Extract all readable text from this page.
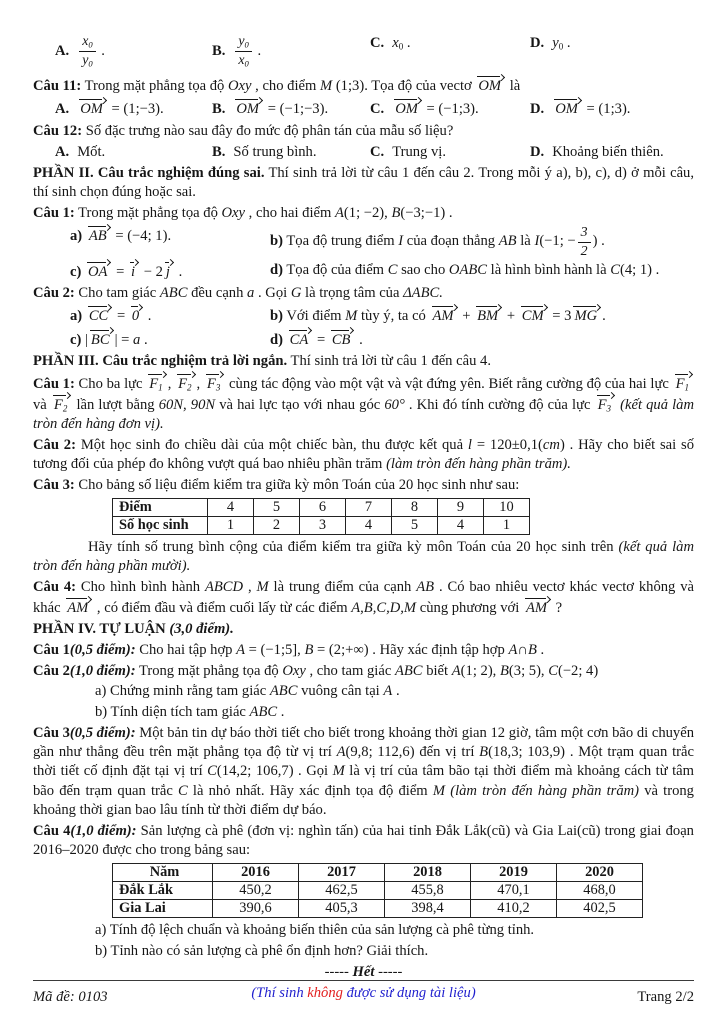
A. $\frac{x0}{y0}$ .	B. $\frac{y0}{x0}$ .	C. x0 .	D. y0 .

Câu 11: Trong mặt phẳng tọa độ Oxy , cho điểm M (1;3). Tọa độ của vectơ OM là

A. OM = (1;−3).	B. OM = (−1;−3).	C. OM = (−1;3).	D. OM = (1;3).

Câu 12: Số đặc trưng nào sau đây đo mức độ phân tán của mẫu số liệu?

A. Mốt.	B. Số trung bình.	C. Trung vị.	D. Khoảng biến thiên.

PHẦN II. Câu trắc nghiệm đúng sai. Thí sinh trả lời từ câu 1 đến câu 2. Trong mỗi ý a), b), c), d) ở mỗi câu, thí sinh chọn đúng hoặc sai.

Câu 1: Trong mặt phẳng tọa độ Oxy , cho hai điểm A(1; −2), B(−3;−1) .

a) AB = (−4; 1).	b) Tọa độ trung điểm I của đoạn thẳng AB là I(−1; − $\frac{3}{2}$ ) .
c) OA = i − 2 j .	d) Tọa độ của điểm C sao cho OABC là hình bình hành là C(4; 1) .

Câu 2: Cho tam giác ABC đều cạnh a . Gọi G là trọng tâm của ΔABC.

a) CC = 0 .	b) Với điểm M tùy ý, ta có AM + BM + CM = 3 MG .
c) | BC | = a .	d) CA = CB .

PHẦN III. Câu trắc nghiệm trả lời ngắn. Thí sinh trả lời từ câu 1 đến câu 4.

Câu 1: Cho ba lực F1 , F2 , F3 cùng tác động vào một vật và vật đứng yên. Biết rằng cường độ của hai lực F1 và F2 lần lượt bằng 60N, 90N và hai lực tạo với nhau góc 60° . Khi đó tính cường độ của lực F3 (kết quả làm tròn đến hàng đơn vị).

Câu 2: Một học sinh đo chiều dài của một chiếc bàn, thu được kết quả l = 120±0,1(cm) . Hãy cho biết sai số tương đối của phép đo không vượt quá bao nhiêu phần trăm (làm tròn đến hàng phần trăm).

Câu 3: Cho bảng số liệu điểm kiểm tra giữa kỳ môn Toán của 20 học sinh như sau:

Điểm	4	5	6	7	8	9	10
Số học sinh	1	2	3	4	5	4	1

Hãy tính số trung bình cộng của điểm kiểm tra giữa kỳ môn Toán của 20 học sinh trên (kết quả làm tròn đến hàng phần mười).

Câu 4: Cho hình bình hành ABCD , M là trung điểm của cạnh AB . Có bao nhiêu vectơ khác vectơ không và khác AM , có điểm đầu và điểm cuối lấy từ các điểm A,B,C,D,M cùng phương với AM ?

PHẦN IV. TỰ LUẬN (3,0 điểm).

Câu 1(0,5 điểm): Cho hai tập hợp A = (−1;5], B = (2;+∞) . Hãy xác định tập hợp A∩B .

Câu 2(1,0 điểm): Trong mặt phẳng tọa độ Oxy , cho tam giác ABC biết A(1; 2), B(3; 5), C(−2; 4)

a) Chứng minh rằng tam giác ABC vuông cân tại A .

b) Tính diện tích tam giác ABC .

Câu 3(0,5 điểm): Một bản tin dự báo thời tiết cho biết trong khoảng thời gian 12 giờ, tâm một cơn bão di chuyển gần như thẳng đều trên mặt phẳng tọa độ từ vị trí A(9,8; 112,6) đến vị trí B(18,3; 103,9) . Một trạm quan trắc thời tiết cố định đặt tại vị trí C(14,2; 106,7) . Gọi M là vị trí của tâm bão tại thời điểm mà khoảng cách từ tâm bão đến trạm quan trắc C là nhỏ nhất. Hãy xác định tọa độ điểm M (làm tròn đến hàng phần trăm) và trong khoảng thời gian bao lâu tính từ thời điểm dự báo.

Câu 4(1,0 điểm): Sản lượng cà phê (đơn vị: nghìn tấn) của hai tỉnh Đắk Lắk(cũ) và Gia Lai(cũ) trong giai đoạn 2016–2020 được cho trong bảng sau:

Năm	2016	2017	2018	2019	2020
Đắk Lắk	450,2	462,5	455,8	470,1	468,0
Gia Lai	390,6	405,3	398,4	410,2	402,5

a) Tính độ lệch chuẩn và khoảng biến thiên của sản lượng cà phê từng tỉnh.

b) Tỉnh nào có sản lượng cà phê ổn định hơn? Giải thích.

----- Hết -----

(Thí sinh không được sử dụng tài liệu)

Mã đề: 0103	Trang 2/2
